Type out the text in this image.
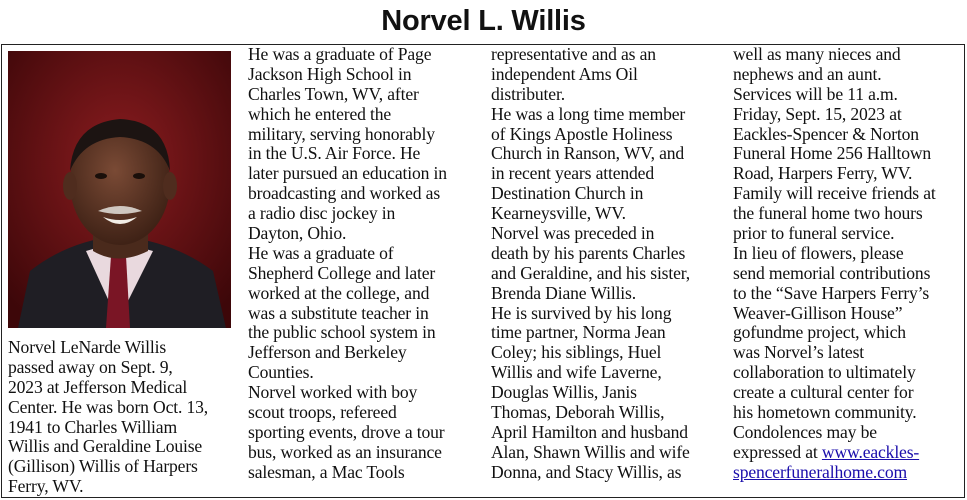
Norvel L. Willis
Norvel LeNarde Willis
passed away on Sept. 9,
2023 at Jefferson Medical
Center. He was born Oct. 13,
1941 to Charles William
Willis and Geraldine Louise
(Gillison) Willis of Harpers
Ferry, WV.
He was a graduate of Page
Jackson High School in
Charles Town, WV, after
which he entered the
military, serving honorably
in the U.S. Air Force. He
later pursued an education in
broadcasting and worked as
a radio disc jockey in
Dayton, Ohio.
He was a graduate of
Shepherd College and later
worked at the college, and
was a substitute teacher in
the public school system in
Jefferson and Berkeley
Counties.
Norvel worked with boy
scout troops, refereed
sporting events, drove a tour
bus, worked as an insurance
salesman, a Mac Tools
representative and as an
independent Ams Oil
distributer.
He was a long time member
of Kings Apostle Holiness
Church in Ranson, WV, and
in recent years attended
Destination Church in
Kearneysville, WV.
Norvel was preceded in
death by his parents Charles
and Geraldine, and his sister,
Brenda Diane Willis.
He is survived by his long
time partner, Norma Jean
Coley; his siblings, Huel
Willis and wife Laverne,
Douglas Willis, Janis
Thomas, Deborah Willis,
April Hamilton and husband
Alan, Shawn Willis and wife
Donna, and Stacy Willis, as
well as many nieces and
nephews and an aunt.
Services will be 11 a.m.
Friday, Sept. 15, 2023 at
Eackles-Spencer & Norton
Funeral Home 256 Halltown
Road, Harpers Ferry, WV.
Family will receive friends at
the funeral home two hours
prior to funeral service.
In lieu of flowers, please
send memorial contributions
to the “Save Harpers Ferry’s
Weaver-Gillison House”
gofundme project, which
was Norvel’s latest
collaboration to ultimately
create a cultural center for
his hometown community.
Condolences may be
expressed at www.eackles-
spencerfuneralhome.com
